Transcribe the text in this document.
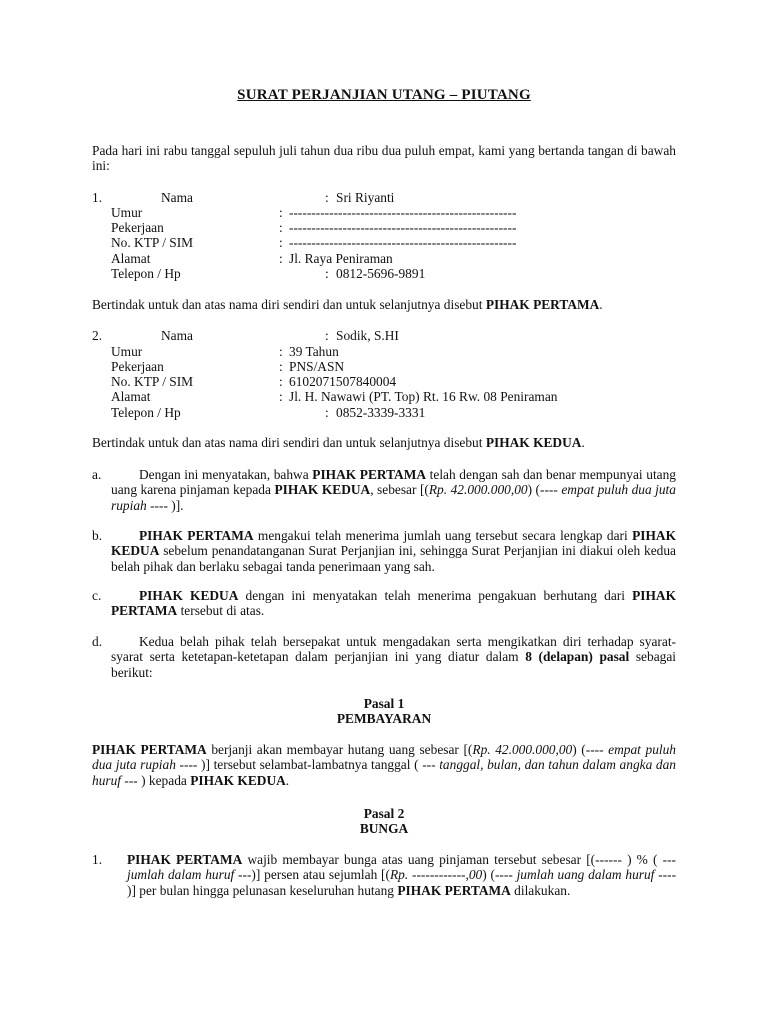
SURAT PERJANJIAN UTANG – PIUTANG
Pada hari ini rabu tanggal sepuluh juli tahun dua ribu dua puluh empat, kami yang bertanda tangan di bawah ini:
1.	Nama	: Sri Riyanti
Umur	: ---------------------------------------------------
Pekerjaan	: ---------------------------------------------------
No. KTP / SIM	: ---------------------------------------------------
Alamat	: Jl. Raya Peniraman
Telepon / Hp	: 0812-5696-9891
Bertindak untuk dan atas nama diri sendiri dan untuk selanjutnya disebut PIHAK PERTAMA.
2.	Nama	: Sodik, S.HI
Umur	: 39 Tahun
Pekerjaan	: PNS/ASN
No. KTP / SIM	: 6102071507840004
Alamat	: Jl. H. Nawawi (PT. Top) Rt. 16 Rw. 08 Peniraman
Telepon / Hp	: 0852-3339-3331
Bertindak untuk dan atas nama diri sendiri dan untuk selanjutnya disebut PIHAK KEDUA.
a.	Dengan ini menyatakan, bahwa PIHAK PERTAMA telah dengan sah dan benar mempunyai utang uang karena pinjaman kepada PIHAK KEDUA, sebesar [(Rp. 42.000.000,00) (---- empat puluh dua juta rupiah ---- )].
b.	PIHAK PERTAMA mengakui telah menerima jumlah uang tersebut secara lengkap dari PIHAK KEDUA sebelum penandatanganan Surat Perjanjian ini, sehingga Surat Perjanjian ini diakui oleh kedua belah pihak dan berlaku sebagai tanda penerimaan yang sah.
c.	PIHAK KEDUA dengan ini menyatakan telah menerima pengakuan berhutang dari PIHAK PERTAMA tersebut di atas.
d.	Kedua belah pihak telah bersepakat untuk mengadakan serta mengikatkan diri terhadap syarat-syarat serta ketetapan-ketetapan dalam perjanjian ini yang diatur dalam 8 (delapan) pasal sebagai berikut:
Pasal 1
PEMBAYARAN
PIHAK PERTAMA berjanji akan membayar hutang uang sebesar [(Rp. 42.000.000,00) (---- empat puluh dua juta rupiah ---- )] tersebut selambat-lambatnya tanggal ( --- tanggal, bulan, dan tahun dalam angka dan huruf --- ) kepada PIHAK KEDUA.
Pasal 2
BUNGA
1. PIHAK PERTAMA wajib membayar bunga atas uang pinjaman tersebut sebesar [(------ ) % ( --- jumlah dalam huruf ---)] persen atau sejumlah [(Rp. ------------,00) (---- jumlah uang dalam huruf ---- )] per bulan hingga pelunasan keseluruhan hutang PIHAK PERTAMA dilakukan.
